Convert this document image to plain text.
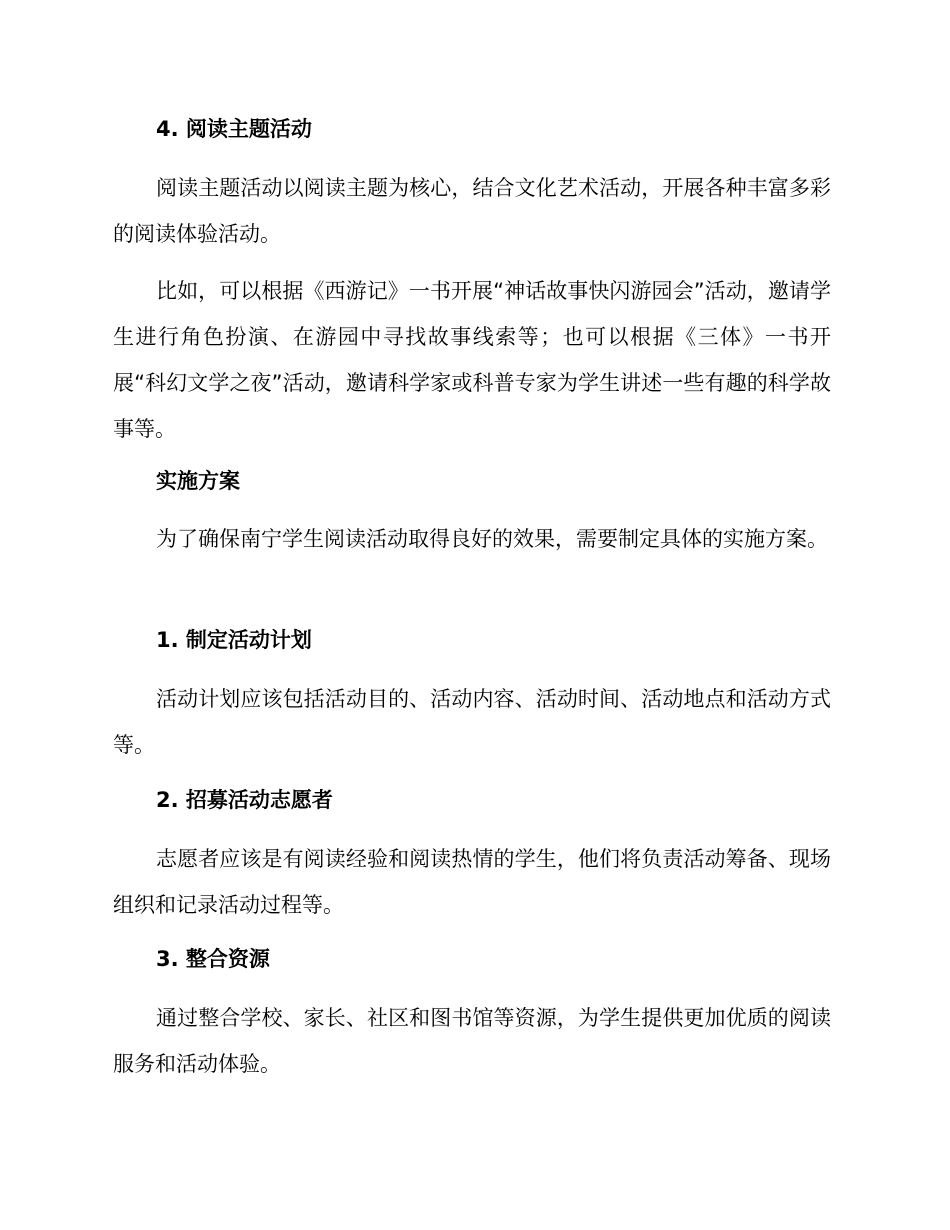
4. 阅读主题活动

阅读主题活动以阅读主题为核心，结合文化艺术活动，开展各种丰富多彩的阅读体验活动。

比如，可以根据《西游记》一书开展“神话故事快闪游园会”活动，邀请学生进行角色扮演、在游园中寻找故事线索等；也可以根据《三体》一书开展“科幻文学之夜”活动，邀请科学家或科普专家为学生讲述一些有趣的科学故事等。

实施方案

为了确保南宁学生阅读活动取得良好的效果，需要制定具体的实施方案。

1. 制定活动计划

活动计划应该包括活动目的、活动内容、活动时间、活动地点和活动方式等。

2. 招募活动志愿者

志愿者应该是有阅读经验和阅读热情的学生，他们将负责活动筹备、现场组织和记录活动过程等。

3. 整合资源

通过整合学校、家长、社区和图书馆等资源，为学生提供更加优质的阅读服务和活动体验。
